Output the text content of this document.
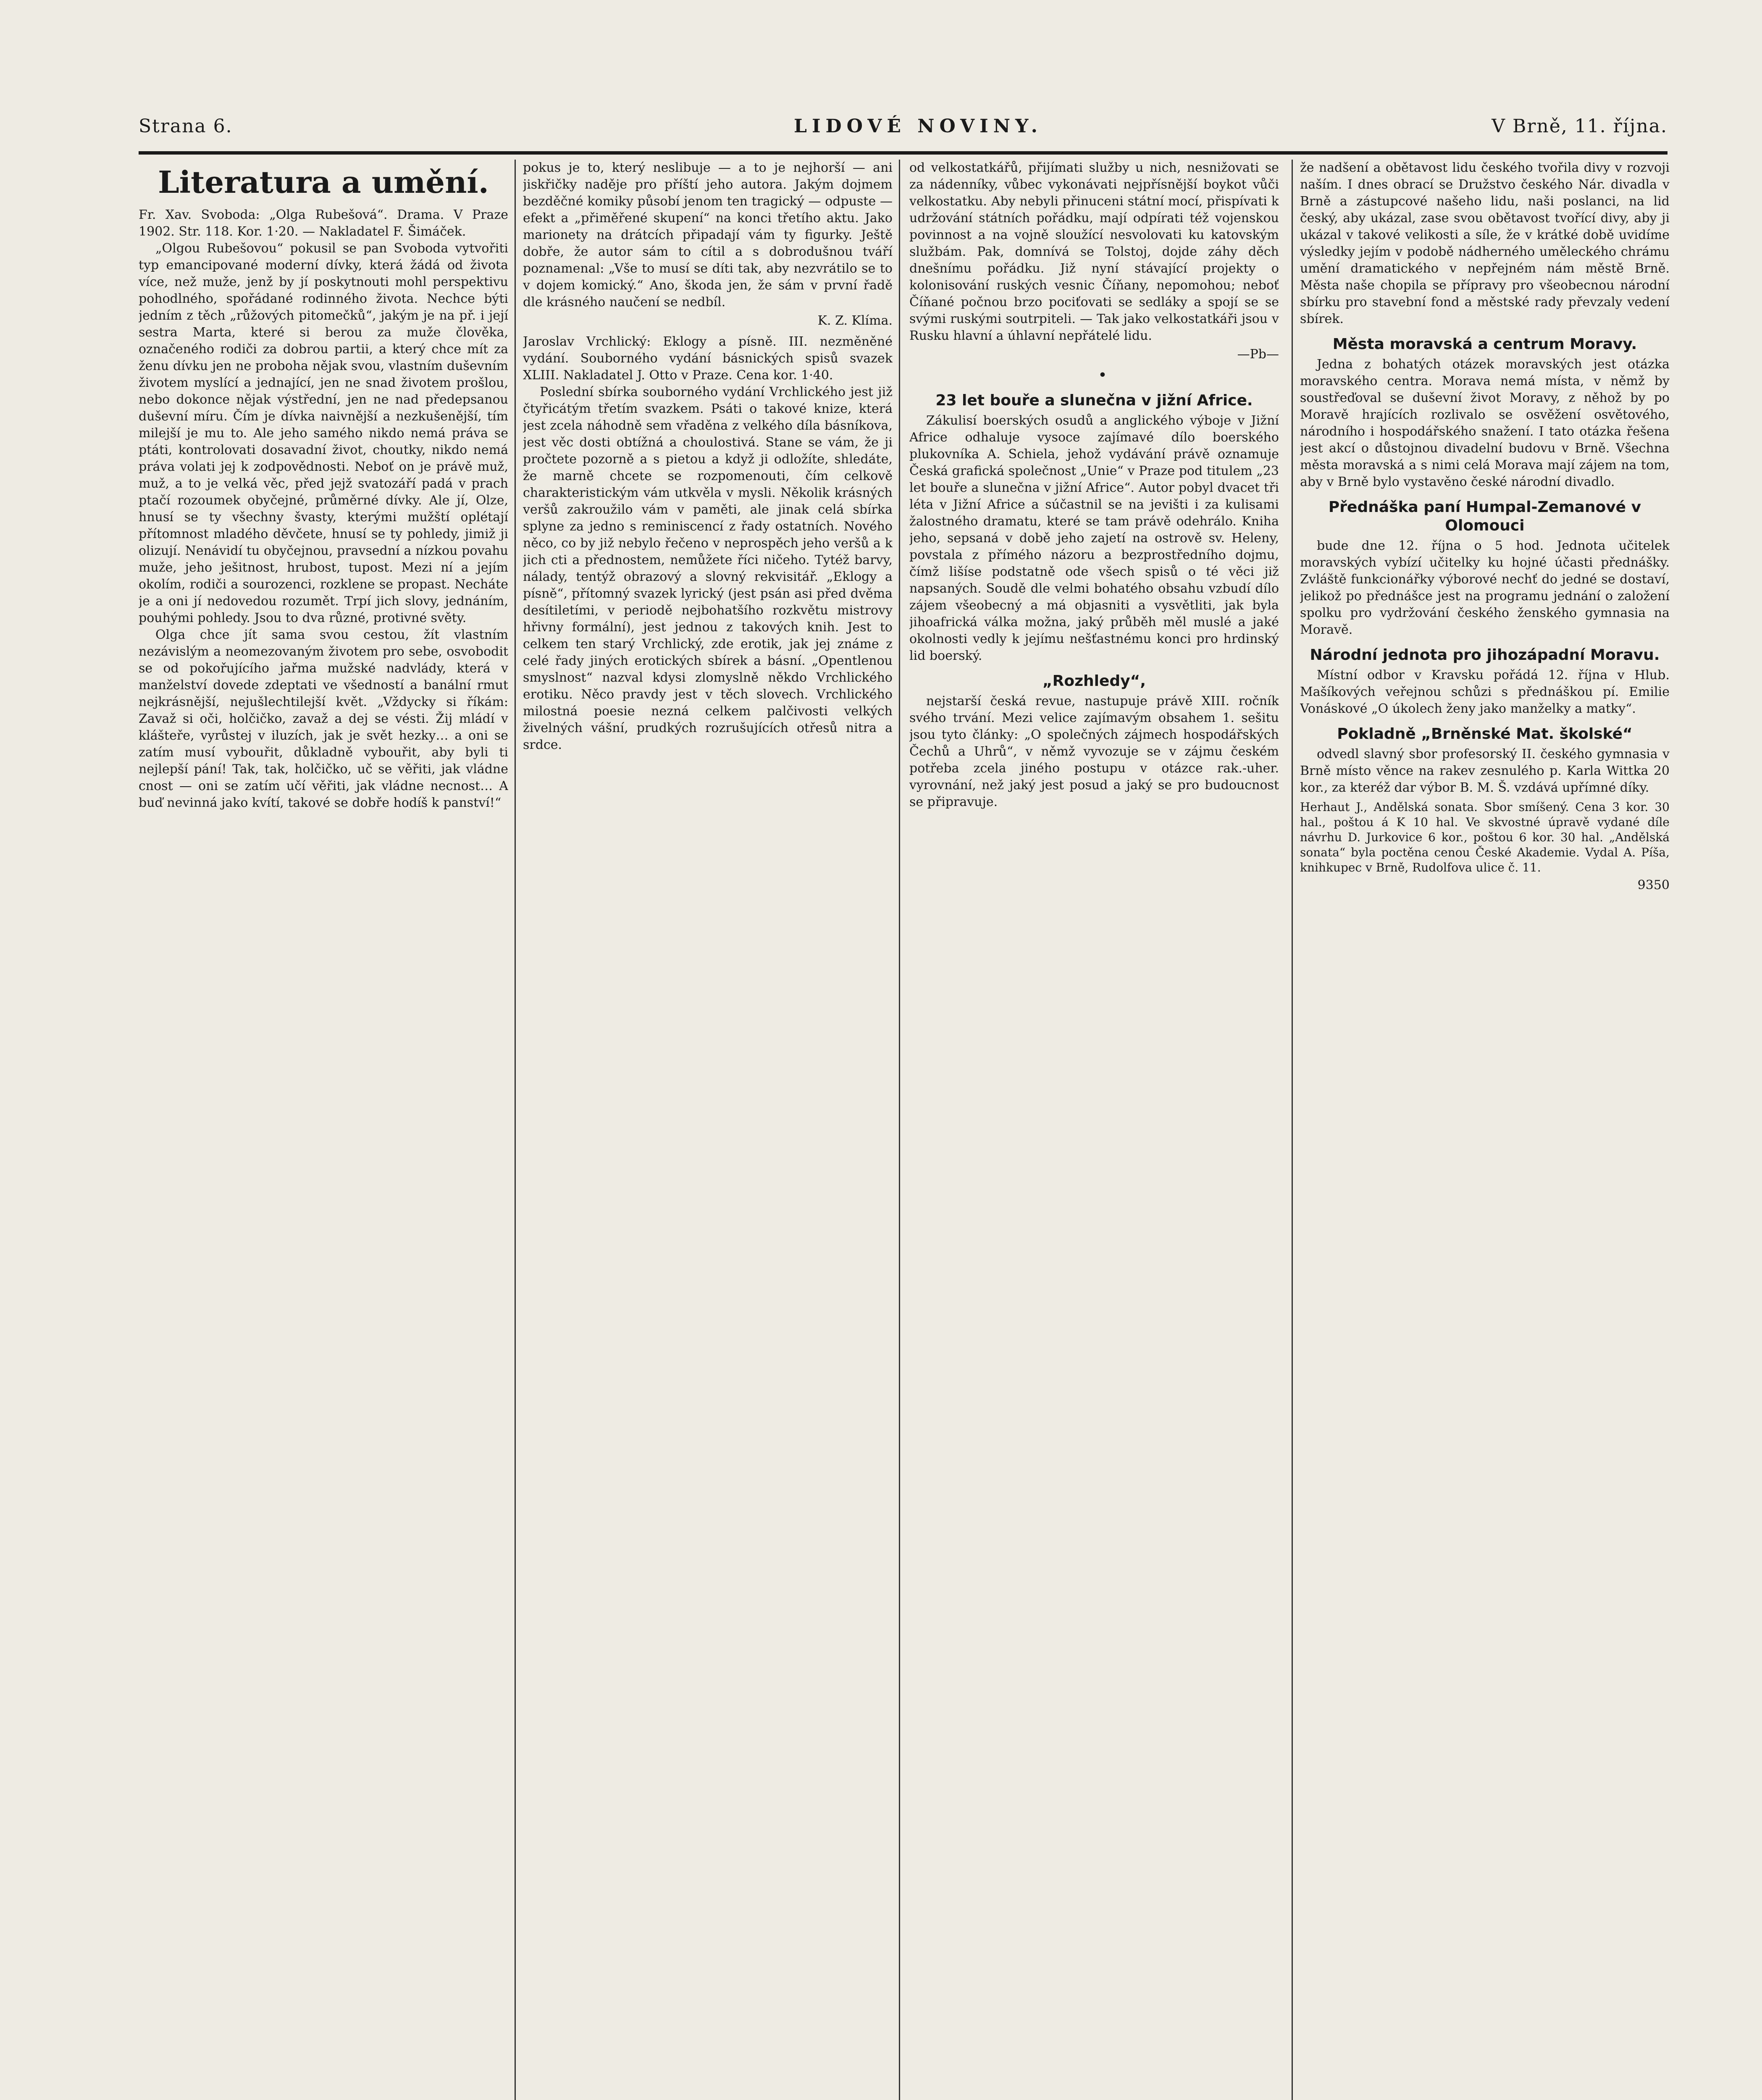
Strana 6.	LIDOVÉ NOVINY.	V Brně, 11. října.
Literatura a umění.

Fr. Xav. Svoboda: „Olga Rubešová“. Drama. V Praze 1902. Str. 118. Kor. 1·20. — Nakladatel F. Šimáček.

„Olgou Rubešovou“ pokusil se pan Svoboda vytvořiti typ emancipované moderní dívky, která žádá od života více, než muže, jenž by jí poskytnouti mohl perspektivu pohodlného, spořádané rodinného života. Nechce býti jedním z těch „růžových pitomečků“, jakým je na př. i její sestra Marta, které si berou za muže člověka, označeného rodiči za dobrou partii, a který chce mít za ženu dívku jen ne proboha nějak svou, vlastním duševním životem myslící a jednající, jen ne snad životem prošlou, nebo dokonce nějak výstřední, jen ne nad předepsanou duševní míru. Čím je dívka naivnější a nezkušenější, tím milejší je mu to. Ale jeho samého nikdo nemá práva se ptáti, kontrolovati dosavadní život, choutky, nikdo nemá práva volati jej k zodpovědnosti. Neboť on je právě muž, muž, a to je velká věc, před jejž svatozáří padá v prach ptačí rozoumek obyčejné, průměrné dívky. Ale jí, Olze, hnusí se ty všechny švasty, kterými mužští oplétají přítomnost mladého děvčete, hnusí se ty pohledy, jimiž ji olizují. Nenávidí tu obyčejnou, pravsední a nízkou povahu muže, jeho ješitnost, hrubost, tupost. Mezi ní a jejím okolím, rodiči a sourozenci, rozklene se propast. Necháte je a oni jí nedovedou rozumět. Trpí jich slovy, jednáním, pouhými pohledy. Jsou to dva různé, protivné světy.

Olga chce jít sama svou cestou, žít vlastním nezávislým a neomezovaným životem pro sebe, osvobodit se od pokořujícího jařma mužské nadvlády, která v manželství dovede zdeptati ve všedností a banální rmut nejkrásnější, nejušlechtilejší květ. „Vždycky si říkám: Zavaž si oči, holčičko, zavaž a dej se vésti. Žij mládí v klášteře, vyrůstej v iluzích, jak je svět hezky… a oni se zatím musí vybouřit, důkladně vybouřit, aby byli ti nejlepší pání! Tak, tak, holčičko, uč se věřiti, jak vládne cnost — oni se zatím učí věřiti, jak vládne necnost… A buď nevinná jako kvítí, takové se dobře hodíš k panství!“

pokus je to, který neslibuje — a to je nejhorší — ani jiskřičky naděje pro příští jeho autora. Jakým dojmem bezděčné komiky působí jenom ten tragický — odpuste — efekt a „přiměřené skupení“ na konci třetího aktu. Jako marionety na drátcích připadají vám ty figurky. Ještě dobře, že autor sám to cítil a s dobrodušnou tváří poznamenal: „Vše to musí se díti tak, aby nezvrátilo se to v dojem komický.“ Ano, škoda jen, že sám v první řadě dle krásného naučení se nedbíl.

K. Z. Klíma.

Jaroslav Vrchlický: Eklogy a písně. III. nezměněné vydání. Souborného vydání básnických spisů svazek XLIII. Nakladatel J. Otto v Praze. Cena kor. 1·40.

Poslední sbírka souborného vydání Vrchlického jest již čtyřicátým třetím svazkem. Psáti o takové knize, která jest zcela náhodně sem vřaděna z velkého díla básníkova, jest věc dosti obtížná a choulostivá. Stane se vám, že ji pročtete pozorně a s pietou a když ji odložíte, shledáte, že marně chcete se rozpomenouti, čím celkově charakteristickým vám utkvěla v mysli. Několik krásných veršů zakroužilo vám v paměti, ale jinak celá sbírka splyne za jedno s reminiscencí z řady ostatních. Nového něco, co by již nebylo řečeno v neprospěch jeho veršů a k jich cti a přednostem, nemůžete říci ničeho. Tytéž barvy, nálady, tentýž obrazový a slovný rekvisitář. „Eklogy a písně“, přítomný svazek lyrický (jest psán asi před dvěma desítiletími, v periodě nejbohatšího rozkvětu mistrovy hřivny formální), jest jednou z takových knih. Jest to celkem ten starý Vrchlický, zde erotik, jak jej známe z celé řady jiných erotických sbírek a básní. „Opentlenou smyslnost“ nazval kdysi zlomyslně někdo Vrchlického erotiku. Něco pravdy jest v těch slovech. Vrchlického milostná poesie nezná celkem palčivosti velkých živelných vášní, prudkých rozrušujících otřesů nitra a srdce.

od velkostatkářů, přijímati služby u nich, nesnižovati se za nádenníky, vůbec vykonávati nejpřísnější boykot vůči velkostatku. Aby nebyli přinuceni státní mocí, přispívati k udržování státních pořádku, mají odpírati též vojenskou povinnost a na vojně sloužící nesvolovati ku katovským službám. Pak, domnívá se Tolstoj, dojde záhy děch dnešnímu pořádku. Již nyní stávající projekty o kolonisování ruských vesnic Číňany, nepomohou; neboť Číňané počnou brzo pociťovati se sedláky a spojí se se svými ruskými soutrpiteli. — Tak jako velkostatkáři jsou v Rusku hlavní a úhlavní nepřátelé lidu.

—Pb—

•

23 let bouře a slunečna v jižní Africe.

Zákulisí boerských osudů a anglického výboje v Jižní Africe odhaluje vysoce zajímavé dílo boerského plukovníka A. Schiela, jehož vydávání právě oznamuje Česká grafická společnost „Unie“ v Praze pod titulem „23 let bouře a slunečna v jižní Africe“. Autor pobyl dvacet tři léta v Jižní Africe a súčastnil se na jevišti i za kulisami žalostného dramatu, které se tam právě odehrálo. Kniha jeho, sepsaná v době jeho zajetí na ostrově sv. Heleny, povstala z přímého názoru a bezprostředního dojmu, čímž lišíse podstatně ode všech spisů o té věci již napsaných. Soudě dle velmi bohatého obsahu vzbudí dílo zájem všeobecný a má objasniti a vysvětliti, jak byla jihoafrická válka možna, jaký průběh měl muslé a jaké okolnosti vedly k jejímu nešťastnému konci pro hrdinský lid boerský.

„Rozhledy“,

nejstarší česká revue, nastupuje právě XIII. ročník svého trvání. Mezi velice zajímavým obsahem 1. sešitu jsou tyto články: „O společných zájmech hospodářských Čechů a Uhrů“, v němž vyvozuje se v zájmu českém potřeba zcela jiného postupu v otázce rak.-uher. vyrovnání, než jaký jest posud a jaký se pro budoucnost se připravuje.

že nadšení a obětavost lidu českého tvořila divy v rozvoji naším. I dnes obrací se Družstvo českého Nár. divadla v Brně a zástupcové našeho lidu, naši poslanci, na lid český, aby ukázal, zase svou obětavost tvořící divy, aby ji ukázal v takové velikosti a síle, že v krátké době uvidíme výsledky jejím v podobě nádherného uměleckého chrámu umění dramatického v nepřejném nám městě Brně. Města naše chopila se přípravy pro všeobecnou národní sbírku pro stavební fond a městské rady převzaly vedení sbírek.

Města moravská a centrum Moravy.

Jedna z bohatých otázek moravských jest otázka moravského centra. Morava nemá místa, v němž by soustřeďoval se duševní život Moravy, z něhož by po Moravě hrajících rozlivalo se osvěžení osvětového, národního i hospodářského snažení. I tato otázka řešena jest akcí o důstojnou divadelní budovu v Brně. Všechna města moravská a s nimi celá Morava mají zájem na tom, aby v Brně bylo vystavěno české národní divadlo.

Přednáška paní Humpal-Zemanové v Olomouci

bude dne 12. října o 5 hod. Jednota učitelek moravských vybízí učitelky ku hojné účasti přednášky. Zvláště funkcionářky výborové nechť do jedné se dostaví, jelikož po přednášce jest na programu jednání o založení spolku pro vydržování českého ženského gymnasia na Moravě.

Národní jednota pro jihozápadní Moravu.

Místní odbor v Kravsku pořádá 12. října v Hlub. Mašíkových veřejnou schůzi s přednáškou pí. Emilie Vonáskové „O úkolech ženy jako manželky a matky“.

Pokladně „Brněnské Mat. školské“

odvedl slavný sbor profesorský II. českého gymnasia v Brně místo věnce na rakev zesnulého p. Karla Wittka 20 kor., za kteréž dar výbor B. M. Š. vzdává upřímné díky.

Herhaut J., Andělská sonata. Sbor smíšený. Cena 3 kor. 30 hal., poštou á K 10 hal. Ve skvostné úpravě vydané díle návrhu D. Jurkovice 6 kor., poštou 6 kor. 30 hal. „Andělská sonata“ byla poctěna cenou České Akademie. Vydal A. Píša, knihkupec v Brně, Rudolfova ulice č. 11.

9350
